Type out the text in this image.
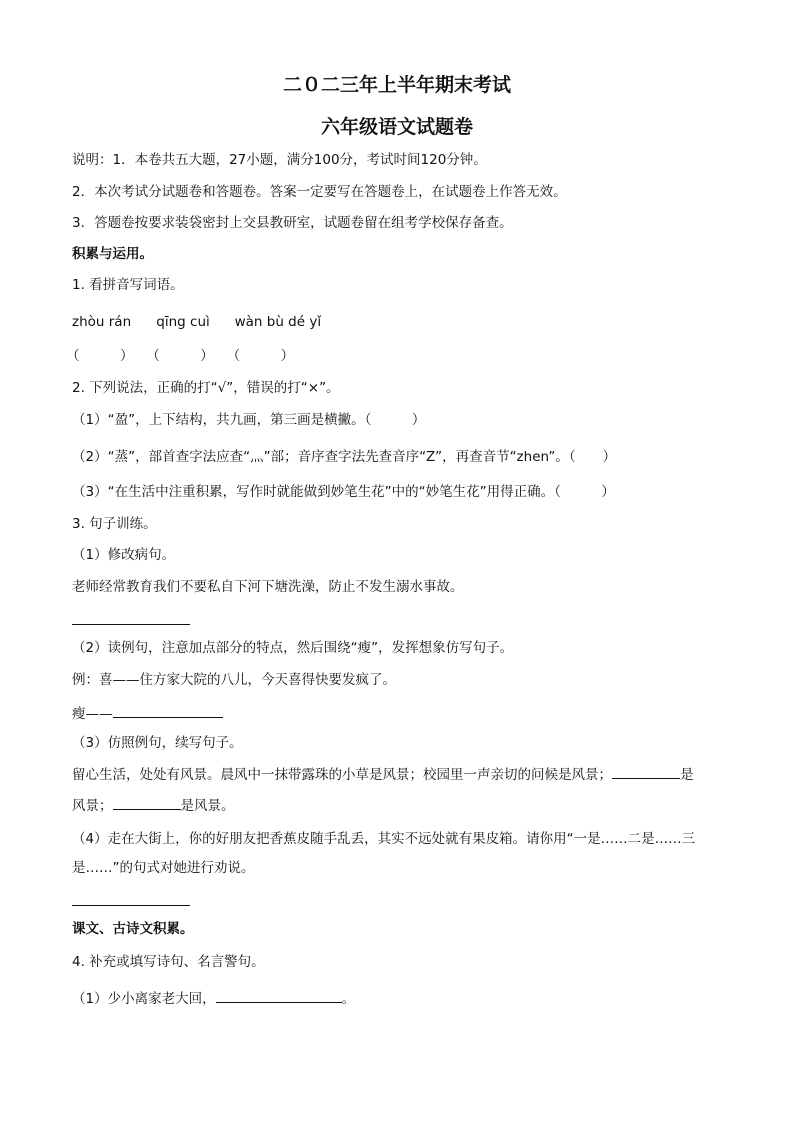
二０二三年上半年期末考试
六年级语文试题卷
说明：1．本卷共五大题，27小题，满分100分，考试时间120分钟。
2．本次考试分试题卷和答题卷。答案一定要写在答题卷上，在试题卷上作答无效。
3．答题卷按要求装袋密封上交县教研室，试题卷留在组考学校保存备查。
积累与运用。
1. 看拼音写词语。
zhòu rán qīng cuì wàn bù dé yǐ
（　　　） （　　　） （　　　）
2. 下列说法，正确的打“√”，错误的打“×”。
（1）“盈”，上下结构，共九画，第三画是横撇。（　　　）
（2）“蒸”，部首查字法应查“灬”部；音序查字法先查音序“Z”，再查音节“zhen”。（　　）
（3）“在生活中注重积累，写作时就能做到妙笔生花”中的“妙笔生花”用得正确。（　　　）
3. 句子训练。
（1）修改病句。
老师经常教育我们不要私自下河下塘洗澡，防止不发生溺水事故。
（2）读例句，注意加点部分的特点，然后围绕“瘦”，发挥想象仿写句子。
例：喜——住方家大院的八儿，今天喜得快要发疯了。
瘦——
（3）仿照例句，续写句子。
留心生活，处处有风景。晨风中一抹带露珠的小草是风景；校园里一声亲切的问候是风景；	是
风景；	是风景。
（4）走在大街上，你的好朋友把香蕉皮随手乱丢，其实不远处就有果皮箱。请你用“一是……二是……三
是……”的句式对她进行劝说。
课文、古诗文积累。
4. 补充或填写诗句、名言警句。
（1）少小离家老大回，	。
